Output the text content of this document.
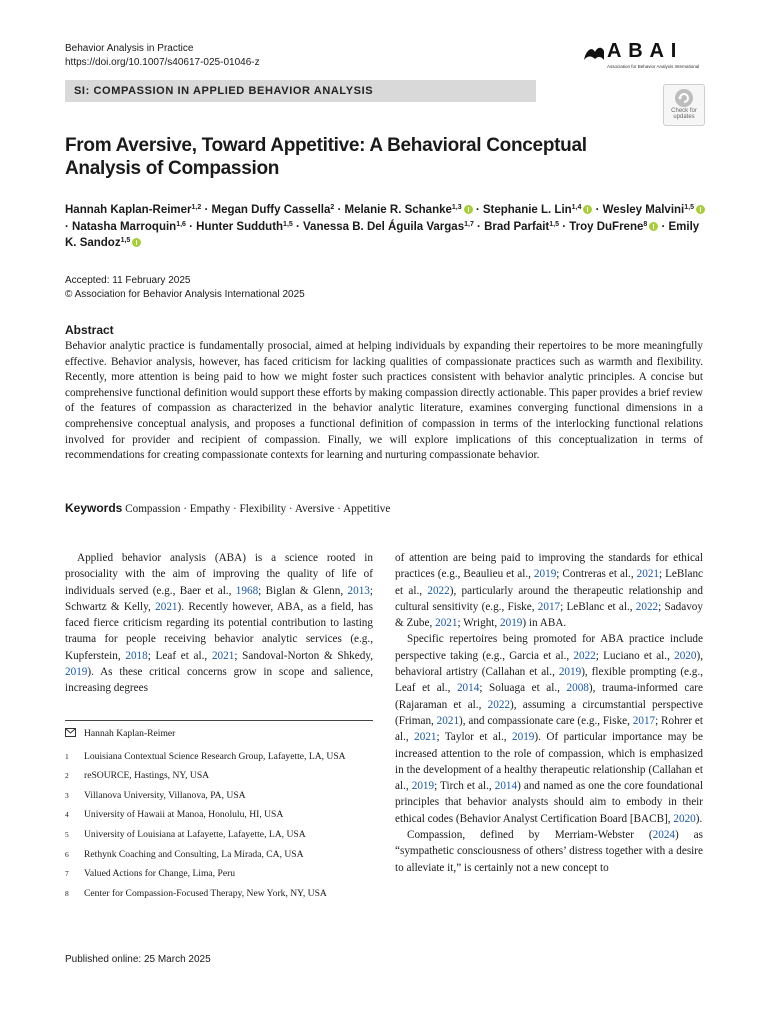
Behavior Analysis in Practice
https://doi.org/10.1007/s40617-025-01046-z
A B A I
Association for Behavior Analysis International
SI: COMPASSION IN APPLIED BEHAVIOR ANALYSIS
Check for
updates
From Aversive, Toward Appetitive: A Behavioral Conceptual Analysis of Compassion
Hannah Kaplan-Reimer$^{1,2}$ · Megan Duffy Cassella$^2$ · Melanie R. Schanke$^{1,3}$ · Stephanie L. Lin$^{1,4}$ · Wesley Malvini$^{1,5}$ · Natasha Marroquin$^{1,6}$ · Hunter Sudduth$^{1,5}$ · Vanessa B. Del Águila Vargas$^{1,7}$ · Brad Parfait$^{1,5}$ · Troy DuFrene$^8$ · Emily K. Sandoz$^{1,5}$
Accepted: 11 February 2025
© Association for Behavior Analysis International 2025
Abstract
Behavior analytic practice is fundamentally prosocial, aimed at helping individuals by expanding their repertoires to be more meaningfully effective. Behavior analysis, however, has faced criticism for lacking qualities of compassionate practices such as warmth and flexibility. Recently, more attention is being paid to how we might foster such practices consistent with behavior analytic principles. A concise but comprehensive functional definition would support these efforts by making compassion directly actionable. This paper provides a brief review of the features of compassion as characterized in the behavior analytic literature, examines converging functional dimensions in a comprehensive conceptual analysis, and proposes a functional definition of compassion in terms of the interlocking functional relations involved for provider and recipient of compassion. Finally, we will explore implications of this conceptualization in terms of recommendations for creating compassionate contexts for learning and nurturing compassionate behavior.
Keywords Compassion · Empathy · Flexibility · Aversive · Appetitive

Applied behavior analysis (ABA) is a science rooted in prosociality with the aim of improving the quality of life of individuals served (e.g., Baer et al., 1968; Biglan & Glenn, 2013; Schwartz & Kelly, 2021). Recently however, ABA, as a field, has faced fierce criticism regarding its potential contribution to lasting trauma for people receiving behavior analytic services (e.g., Kupferstein, 2018; Leaf et al., 2021; Sandoval-Norton & Shkedy, 2019). As these critical concerns grow in scope and salience, increasing degrees

of attention are being paid to improving the standards for ethical practices (e.g., Beaulieu et al., 2019; Contreras et al., 2021; LeBlanc et al., 2022), particularly around the therapeutic relationship and cultural sensitivity (e.g., Fiske, 2017; LeBlanc et al., 2022; Sadavoy & Zube, 2021; Wright, 2019) in ABA.

Specific repertoires being promoted for ABA practice include perspective taking (e.g., Garcia et al., 2022; Luciano et al., 2020), behavioral artistry (Callahan et al., 2019), flexible prompting (e.g., Leaf et al., 2014; Soluaga et al., 2008), trauma-informed care (Rajaraman et al., 2022), assuming a circumstantial perspective (Friman, 2021), and compassionate care (e.g., Fiske, 2017; Rohrer et al., 2021; Taylor et al., 2019). Of particular importance may be increased attention to the role of compassion, which is emphasized in the development of a healthy therapeutic relationship (Callahan et al., 2019; Tirch et al., 2014) and named as one the core foundational principles that behavior analysts should aim to embody in their ethical codes (Behavior Analyst Certification Board [BACB], 2020).

Compassion, defined by Merriam-Webster (2024) as “sympathetic consciousness of others’ distress together with a desire to alleviate it,” is certainly not a new concept to

Hannah Kaplan-Reimer
1	Louisiana Contextual Science Research Group, Lafayette, LA, USA
2	reSOURCE, Hastings, NY, USA
3	Villanova University, Villanova, PA, USA
4	University of Hawaii at Manoa, Honolulu, HI, USA
5	University of Louisiana at Lafayette, Lafayette, LA, USA
6	Rethynk Coaching and Consulting, La Mirada, CA, USA
7	Valued Actions for Change, Lima, Peru
8	Center for Compassion-Focused Therapy, New York, NY, USA
Published online: 25 March 2025
